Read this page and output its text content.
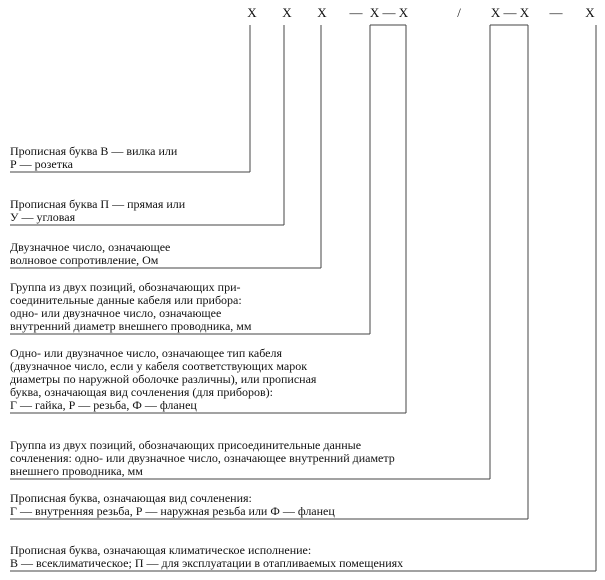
Х Х Х — Х — Х	/ Х — Х — Х
Прописная буква В — вилка или
Р — розетка
Прописная буква П — прямая или
У — угловая
Двузначное число, означающее
волновое сопротивление, Ом
Группа из двух позиций, обозначающих при-
соединительные данные кабеля или прибора:
одно- или двузначное число, означающее
внутренний диаметр внешнего проводника, мм
Одно- или двузначное число, означающее тип кабеля
(двузначное число, если у кабеля соответствующих марок
диаметры по наружной оболочке различны), или прописная
буква, означающая вид сочленения (для приборов):
Г — гайка, Р — резьба, Ф — фланец
Группа из двух позиций, обозначающих присоединительные данные
сочленения: одно- или двузначное число, означающее внутренний диаметр
внешнего проводника, мм
Прописная буква, означающая вид сочленения:
Г — внутренняя резьба, Р — наружная резьба или Ф — фланец
Прописная буква, означающая климатическое исполнение:
В — всеклиматическое; П — для эксплуатации в отапливаемых помещениях
